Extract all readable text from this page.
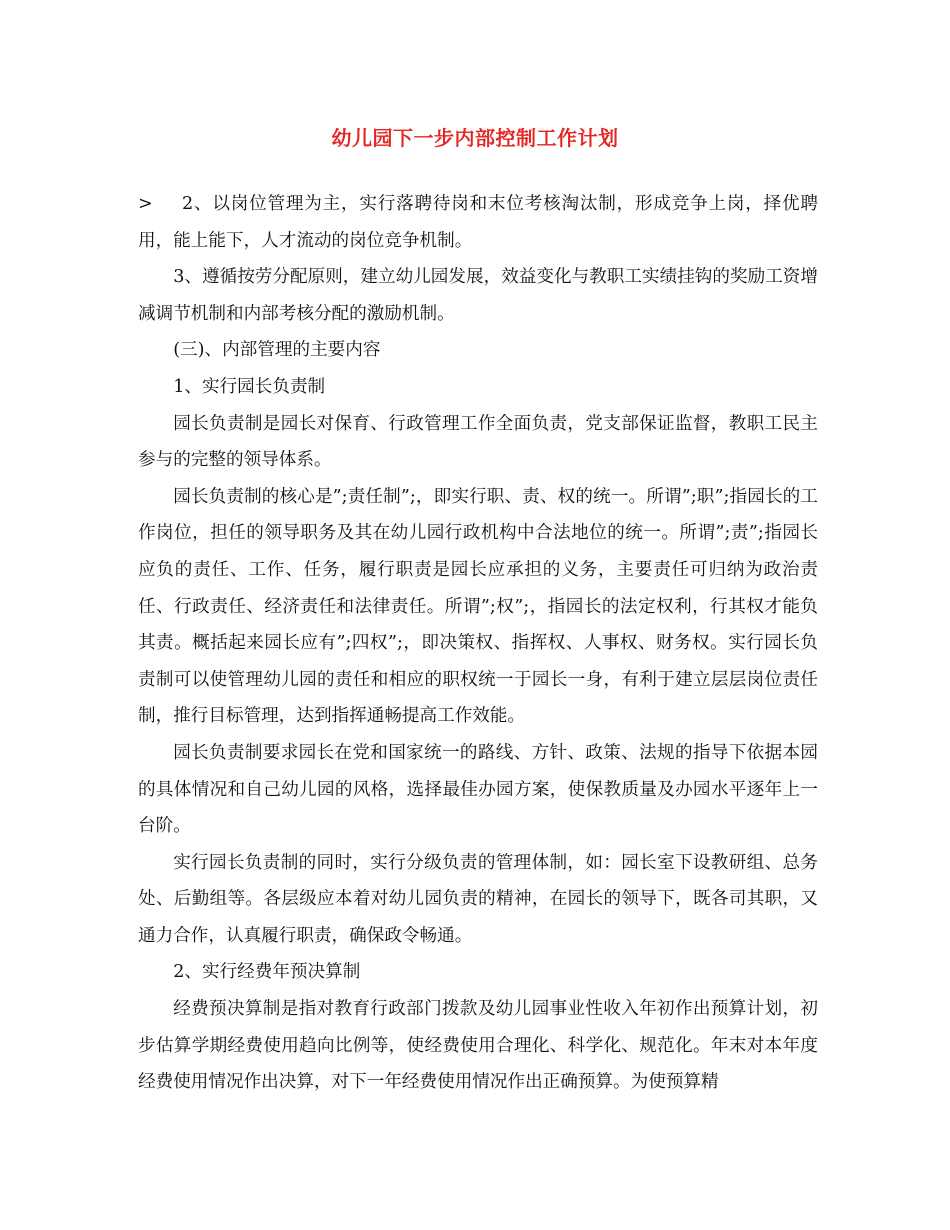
幼儿园下一步内部控制工作计划

> 2、以岗位管理为主，实行落聘待岗和末位考核淘汰制，形成竞争上岗，择优聘用，能上能下，人才流动的岗位竞争机制。

3、遵循按劳分配原则，建立幼儿园发展，效益变化与教职工实绩挂钩的奖励工资增减调节机制和内部考核分配的激励机制。

(三)、内部管理的主要内容

1、实行园长负责制

园长负责制是园长对保育、行政管理工作全面负责，党支部保证监督，教职工民主参与的完整的领导体系。

园长负责制的核心是”;责任制”;，即实行职、责、权的统一。所谓”;职”;指园长的工作岗位，担任的领导职务及其在幼儿园行政机构中合法地位的统一。所谓”;责”;指园长应负的责任、工作、任务，履行职责是园长应承担的义务，主要责任可归纳为政治责任、行政责任、经济责任和法律责任。所谓”;权”;，指园长的法定权利，行其权才能负其责。概括起来园长应有”;四权”;，即决策权、指挥权、人事权、财务权。实行园长负责制可以使管理幼儿园的责任和相应的职权统一于园长一身，有利于建立层层岗位责任制，推行目标管理，达到指挥通畅提高工作效能。

园长负责制要求园长在党和国家统一的路线、方针、政策、法规的指导下依据本园的具体情况和自己幼儿园的风格，选择最佳办园方案，使保教质量及办园水平逐年上一台阶。

实行园长负责制的同时，实行分级负责的管理体制，如：园长室下设教研组、总务处、后勤组等。各层级应本着对幼儿园负责的精神，在园长的领导下，既各司其职，又通力合作，认真履行职责，确保政令畅通。

2、实行经费年预决算制

经费预决算制是指对教育行政部门拨款及幼儿园事业性收入年初作出预算计划，初步估算学期经费使用趋向比例等，使经费使用合理化、科学化、规范化。年末对本年度经费使用情况作出决算，对下一年经费使用情况作出正确预算。为使预算精
